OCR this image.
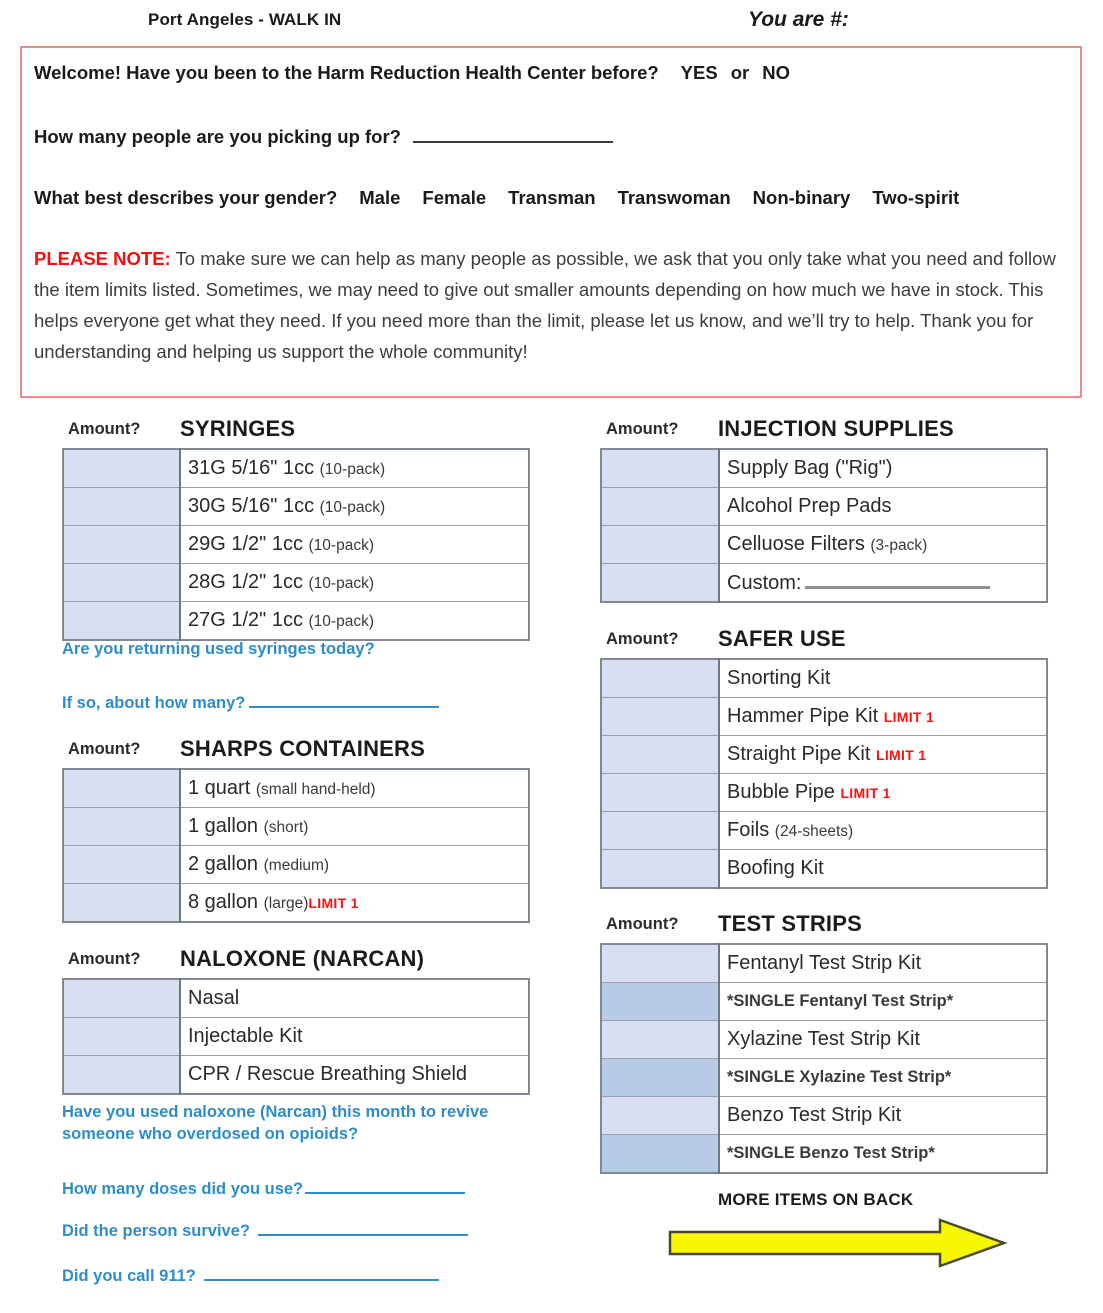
Port Angeles - WALK IN	You are #:
Welcome! Have you been to the Harm Reduction Health Center before? YES or NO
How many people are you picking up for?
What best describes your gender? Male Female Transman Transwoman Non-binary Two-spirit
PLEASE NOTE: To make sure we can help as many people as possible, we ask that you only take what you need and follow the item limits listed. Sometimes, we may need to give out smaller amounts depending on how much we have in stock. This helps everyone get what they need. If you need more than the limit, please let us know, and we’ll try to help. Thank you for understanding and helping us support the whole community!
Amount? SYRINGES
	31G 5/16" 1cc (10-pack)
	30G 5/16" 1cc (10-pack)
	29G 1/2" 1cc (10-pack)
	28G 1/2" 1cc (10-pack)
	27G 1/2" 1cc (10-pack)
Are you returning used syringes today?
If so, about how many?
Amount? SHARPS CONTAINERS
	1 quart (small hand-held)
	1 gallon (short)
	2 gallon (medium)
	8 gallon (large)LIMIT 1
Amount? NALOXONE (NARCAN)
	Nasal
	Injectable Kit
	CPR / Rescue Breathing Shield
Have you used naloxone (Narcan) this month to revive
someone who overdosed on opioids?
How many doses did you use?
Did the person survive?
Did you call 911?
Amount? INJECTION SUPPLIES
	Supply Bag ("Rig")
	Alcohol Prep Pads
	Celluose Filters (3-pack)
	Custom:
Amount? SAFER USE
	Snorting Kit
	Hammer Pipe Kit LIMIT 1
	Straight Pipe Kit LIMIT 1
	Bubble Pipe LIMIT 1
	Foils (24-sheets)
	Boofing Kit
Amount? TEST STRIPS
	Fentanyl Test Strip Kit
	*SINGLE Fentanyl Test Strip*
	Xylazine Test Strip Kit
	*SINGLE Xylazine Test Strip*
	Benzo Test Strip Kit
	*SINGLE Benzo Test Strip*
MORE ITEMS ON BACK
